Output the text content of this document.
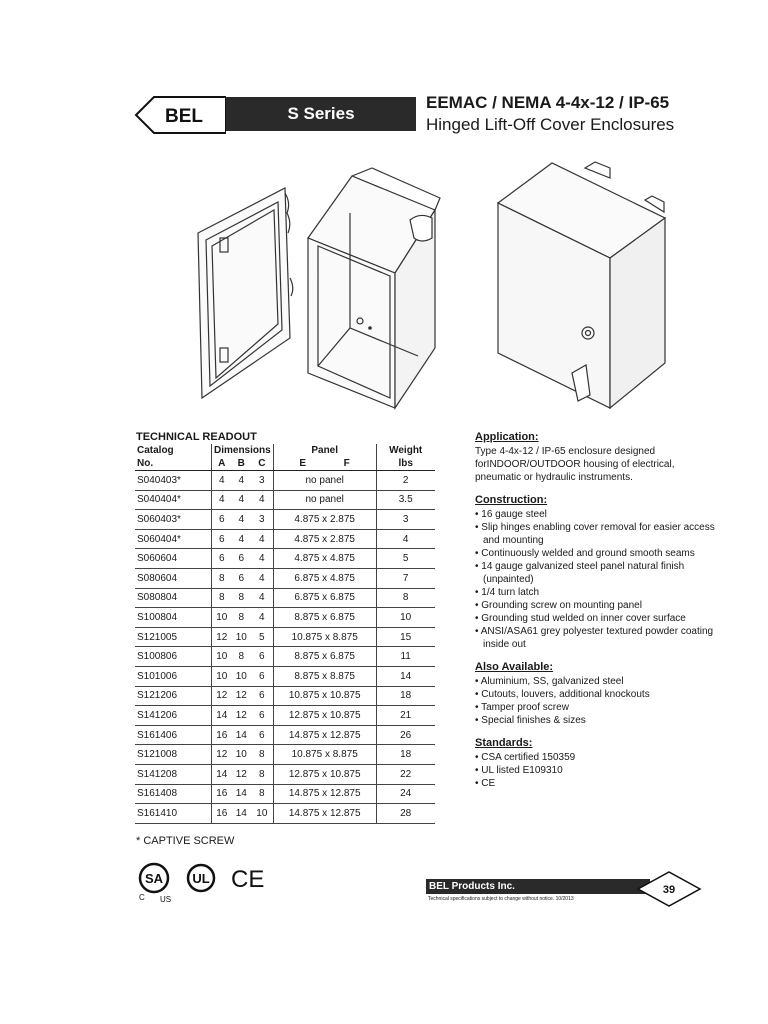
BEL	S Series
EEMAC / NEMA 4-4x-12 / IP-65
Hinged Lift-Off Cover Enclosures
TECHNICAL READOUT
Catalog	Dimensions			Panel	Weight
No.	A	B	C	E F	lbs
S040403*	4	4	3	no panel	2
S040404*	4	4	4	no panel	3.5
S060403*	6	4	3	4.875 x 2.875	3
S060404*	6	4	4	4.875 x 2.875	4
S060604	6	6	4	4.875 x 4.875	5
S080604	8	6	4	6.875 x 4.875	7
S080804	8	8	4	6.875 x 6.875	8
S100804	10	8	4	8.875 x 6.875	10
S121005	12	10	5	10.875 x 8.875	15
S100806	10	8	6	8.875 x 6.875	11
S101006	10	10	6	8.875 x 8.875	14
S121206	12	12	6	10.875 x 10.875	18
S141206	14	12	6	12.875 x 10.875	21
S161406	16	14	6	14.875 x 12.875	26
S121008	12	10	8	10.875 x 8.875	18
S141208	14	12	8	12.875 x 10.875	22
S161408	16	14	8	14.875 x 12.875	24
S161410	16	14	10	14.875 x 12.875	28
* CAPTIVE SCREW

Application:

Type 4-4x-12 / IP-65 enclosure designed forINDOOR/OUTDOOR housing of electrical, pneumatic or hydraulic instruments.

Construction:

• 16 gauge steel
• Slip hinges enabling cover removal for easier access and mounting
• Continuously welded and ground smooth seams
• 14 gauge galvanized steel panel natural finish (unpainted)
• 1/4 turn latch
• Grounding screw on mounting panel
• Grounding stud welded on inner cover surface
• ANSI/ASA61 grey polyester textured powder coating inside out

Also Available:

• Aluminium, SS, galvanized steel
• Cutouts, louvers, additional knockouts
• Tamper proof screw
• Special finishes & sizes

Standards:

• CSA certified 150359
• UL listed E109310
• CE
SA
C US
UL CE	BEL Products Inc.
Technical specifications subject to change without notice. 10/2013
39
